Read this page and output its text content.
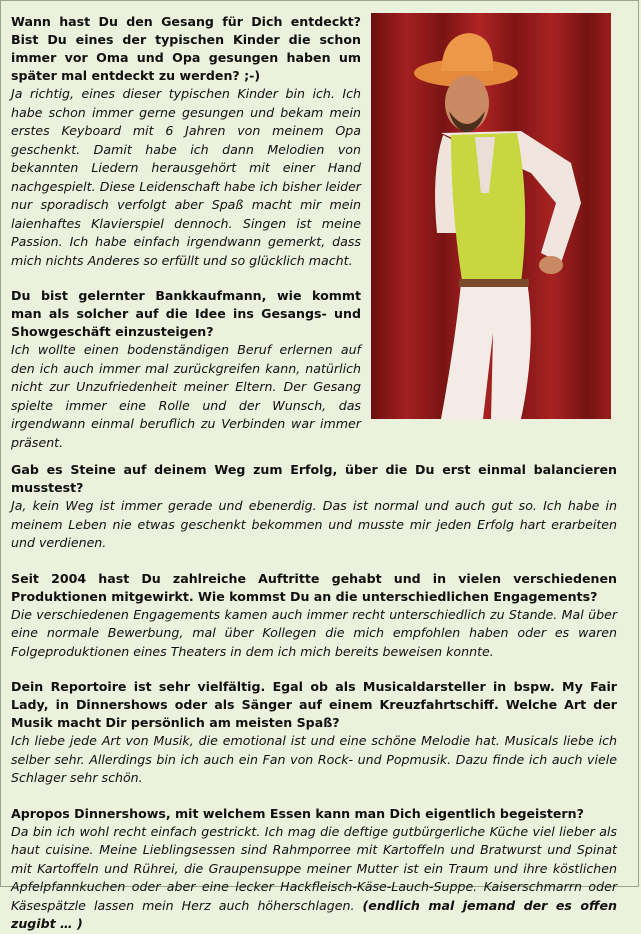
Wann hast Du den Gesang für Dich entdeckt? Bist Du eines der typischen Kinder die schon immer vor Oma und Opa gesungen haben um später mal entdeckt zu werden? ;-)

Ja richtig, eines dieser typischen Kinder bin ich. Ich habe schon immer gerne gesungen und bekam mein erstes Keyboard mit 6 Jahren von meinem Opa geschenkt. Damit habe ich dann Melodien von bekannten Liedern herausgehört mit einer Hand nachgespielt. Diese Leidenschaft habe ich bisher leider nur sporadisch verfolgt aber Spaß macht mir mein laienhaftes Klavierspiel dennoch. Singen ist meine Passion. Ich habe einfach irgendwann gemerkt, dass mich nichts Anderes so erfüllt und so glücklich macht.

Du bist gelernter Bankkaufmann, wie kommt man als solcher auf die Idee ins Gesangs- und Showgeschäft einzusteigen?

Ich wollte einen bodenständigen Beruf erlernen auf den ich auch immer mal zurückgreifen kann, natürlich nicht zur Unzufriedenheit meiner Eltern. Der Gesang spielte immer eine Rolle und der Wunsch, das irgendwann einmal beruflich zu Verbinden war immer präsent.

Gab es Steine auf deinem Weg zum Erfolg, über die Du erst einmal balancieren musstest?

Ja, kein Weg ist immer gerade und ebenerdig. Das ist normal und auch gut so. Ich habe in meinem Leben nie etwas geschenkt bekommen und musste mir jeden Erfolg hart erarbeiten und verdienen.

Seit 2004 hast Du zahlreiche Auftritte gehabt und in vielen verschiedenen Produktionen mitgewirkt. Wie kommst Du an die unterschiedlichen Engagements?

Die verschiedenen Engagements kamen auch immer recht unterschiedlich zu Stande. Mal über eine normale Bewerbung, mal über Kollegen die mich empfohlen haben oder es waren Folgeproduktionen eines Theaters in dem ich mich bereits beweisen konnte.

Dein Reportoire ist sehr vielfältig. Egal ob als Musicaldarsteller in bspw. My Fair Lady, in Dinnershows oder als Sänger auf einem Kreuzfahrtschiff. Welche Art der Musik macht Dir persönlich am meisten Spaß?

Ich liebe jede Art von Musik, die emotional ist und eine schöne Melodie hat. Musicals liebe ich selber sehr. Allerdings bin ich auch ein Fan von Rock- und Popmusik. Dazu finde ich auch viele Schlager sehr schön.

Apropos Dinnershows, mit welchem Essen kann man Dich eigentlich begeistern?

Da bin ich wohl recht einfach gestrickt. Ich mag die deftige gutbürgerliche Küche viel lieber als haut cuisine. Meine Lieblingsessen sind Rahmporree mit Kartoffeln und Bratwurst und Spinat mit Kartoffeln und Rührei, die Graupensuppe meiner Mutter ist ein Traum und ihre köstlichen Apfelpfannkuchen oder aber eine lecker Hackfleisch-Käse-Lauch-Suppe. Kaiserschmarrn oder Käsespätzle lassen mein Herz auch höherschlagen. (endlich mal jemand der es offen zugibt … )
